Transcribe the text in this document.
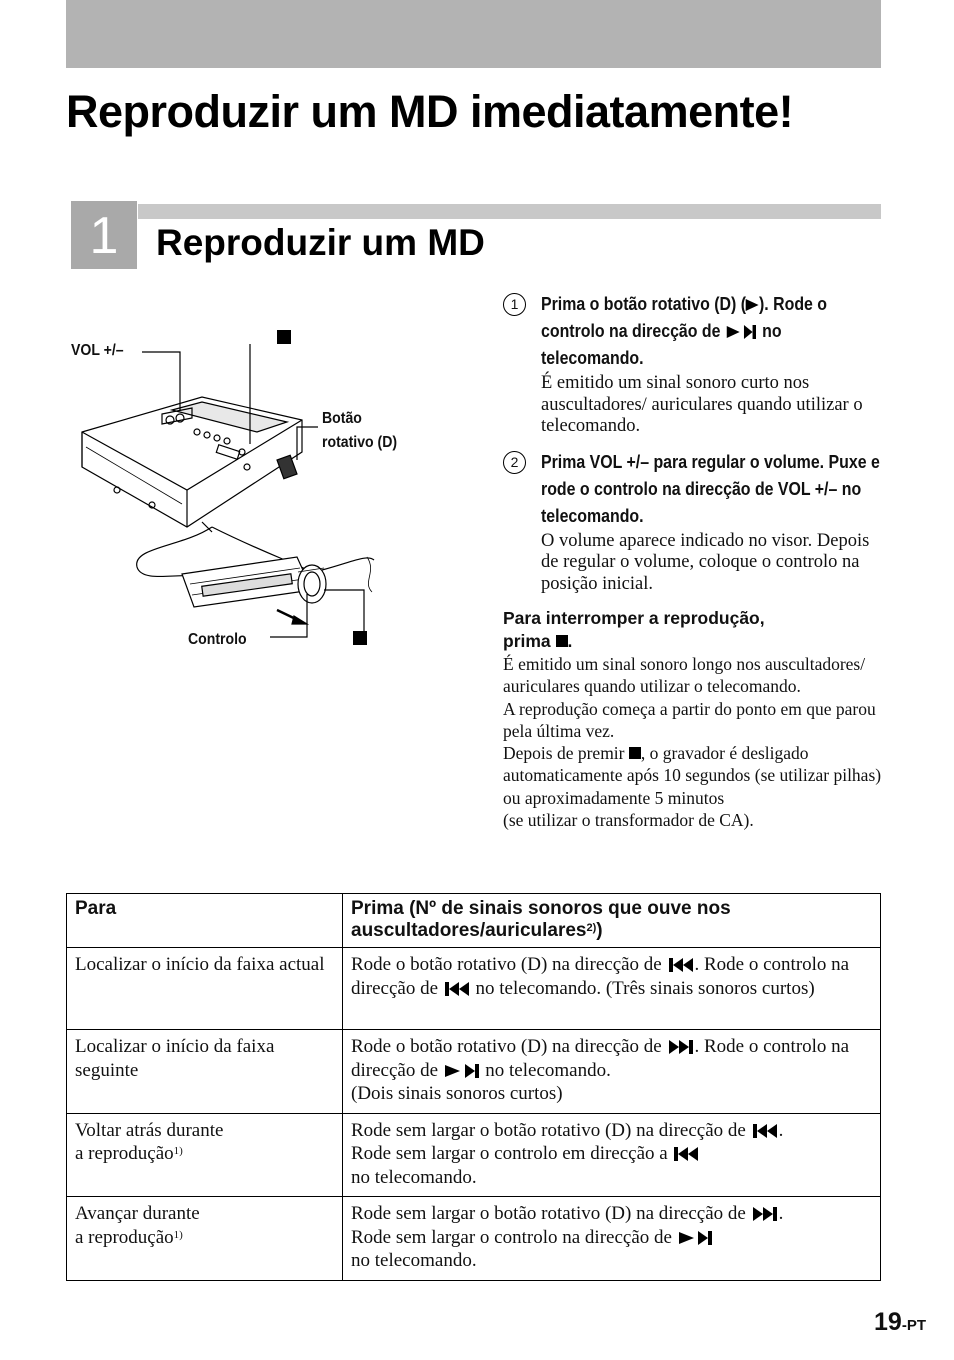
Reproduzir um MD imediatamente!
1	Reproduzir um MD
VOL +/–
Botão
rotativo (D)
Controlo
1	Prima o botão rotativo (D) ( ). Rode o controlo na direcção de no telecomando.
É emitido um sinal sonoro curto nos auscultadores/ auriculares quando utilizar o telecomando.
2	Prima VOL +/– para regular o volume. Puxe e rode o controlo na direcção de VOL +/– no telecomando.
O volume aparece indicado no visor. Depois de regular o volume, coloque o controlo na posição inicial.
Para interromper a reprodução,
prima .
É emitido um sinal sonoro longo nos auscultadores/ auriculares quando utilizar o telecomando.
A reprodução começa a partir do ponto em que parou pela última vez.
Depois de premir , o gravador é desligado automaticamente após 10 segundos (se utilizar pilhas) ou aproximadamente 5 minutos
(se utilizar o transformador de CA).
Para	Prima (Nº de sinais sonoros que ouve nos auscultadores/auriculares$^{2)}$)
Localizar o início da faixa actual	Rode o botão rotativo (D) na direcção de . Rode o controlo na direcção de no telecomando. (Três sinais sonoros curtos)
Localizar o início da faixa seguinte	Rode o botão rotativo (D) na direcção de . Rode o controlo na direcção de no telecomando.
(Dois sinais sonoros curtos)
Voltar atrás durante
a reprodução$^{1)}$	Rode sem largar o botão rotativo (D) na direcção de .
Rode sem largar o controlo em direcção a
no telecomando.
Avançar durante
a reprodução$^{1)}$	Rode sem largar o botão rotativo (D) na direcção de .
Rode sem largar o controlo na direcção de
no telecomando.
19-PT
